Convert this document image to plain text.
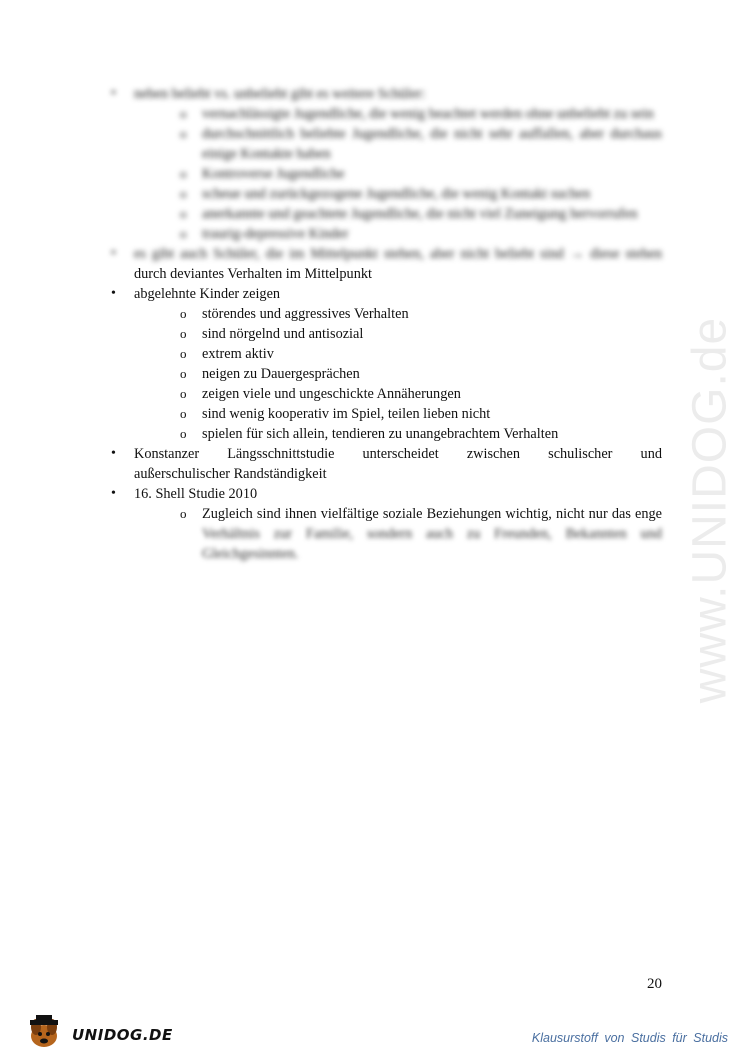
www.UNIDOG.de
•	neben beliebt vs. unbeliebt gibt es weitere Schüler:
o vernachlässigte Jugendliche, die wenig beachtet werden ohne unbeliebt zu sein
o durchschnittlich beliebte Jugendliche, die nicht sehr auffallen, aber durchaus einige Kontakte haben
o Kontroverse Jugendliche
o scheue und zurückgezogene Jugendliche, die wenig Kontakt suchen
o anerkannte und geachtete Jugendliche, die nicht viel Zuneigung hervorrufen
o traurig-depressive Kinder
•	es gibt auch Schüler, die im Mittelpunkt stehen, aber nicht beliebt sind → diese stehen
durch deviantes Verhalten im Mittelpunkt
•	abgelehnte Kinder zeigen
o störendes und aggressives Verhalten
o sind nörgelnd und antisozial
o extrem aktiv
o neigen zu Dauergesprächen
o zeigen viele und ungeschickte Annäherungen
o sind wenig kooperativ im Spiel, teilen lieben nicht
o spielen für sich allein, tendieren zu unangebrachtem Verhalten
•	Konstanzer Längsschnittstudie unterscheidet zwischen schulischer und
außerschulischer Randständigkeit
•	16. Shell Studie 2010
o Zugleich sind ihnen vielfältige soziale Beziehungen wichtig, nicht nur das enge
Verhältnis zur Familie, sondern auch zu Freunden, Bekannten und Gleichgesinnten.
20
UNIDOG.DE	Klausurstoff von Studis für Studis
